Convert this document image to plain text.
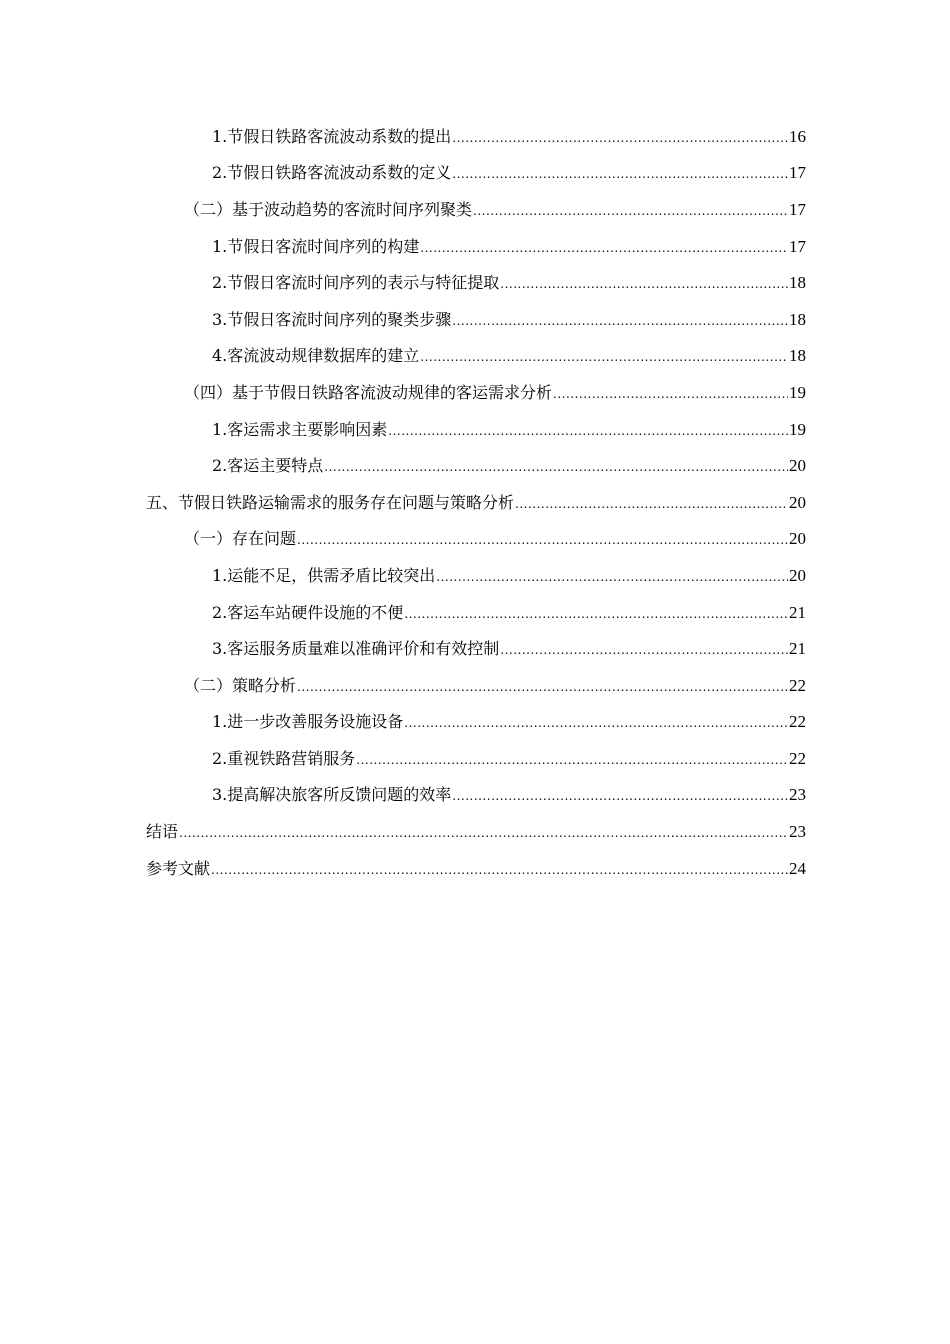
1.节假日铁路客流波动系数的提出 .....	16
2.节假日铁路客流波动系数的定义 .....	17
（二）基于波动趋势的客流时间序列聚类 .....	17
1.节假日客流时间序列的构建 .....	17
2.节假日客流时间序列的表示与特征提取 .....	18
3.节假日客流时间序列的聚类步骤 .....	18
4.客流波动规律数据库的建立 .....	18
（四）基于节假日铁路客流波动规律的客运需求分析 .....	19
1.客运需求主要影响因素 .....	19
2.客运主要特点 .....	20
五、节假日铁路运输需求的服务存在问题与策略分析 .....	20
（一）存在问题 .....	20
1.运能不足，供需矛盾比较突出 .....	20
2.客运车站硬件设施的不便 .....	21
3.客运服务质量难以准确评价和有效控制 .....	21
（二）策略分析 .....	22
1.进一步改善服务设施设备 .....	22
2.重视铁路营销服务 .....	22
3.提高解决旅客所反馈问题的效率 .....	23
结语 .....	23
参考文献 .....	24
